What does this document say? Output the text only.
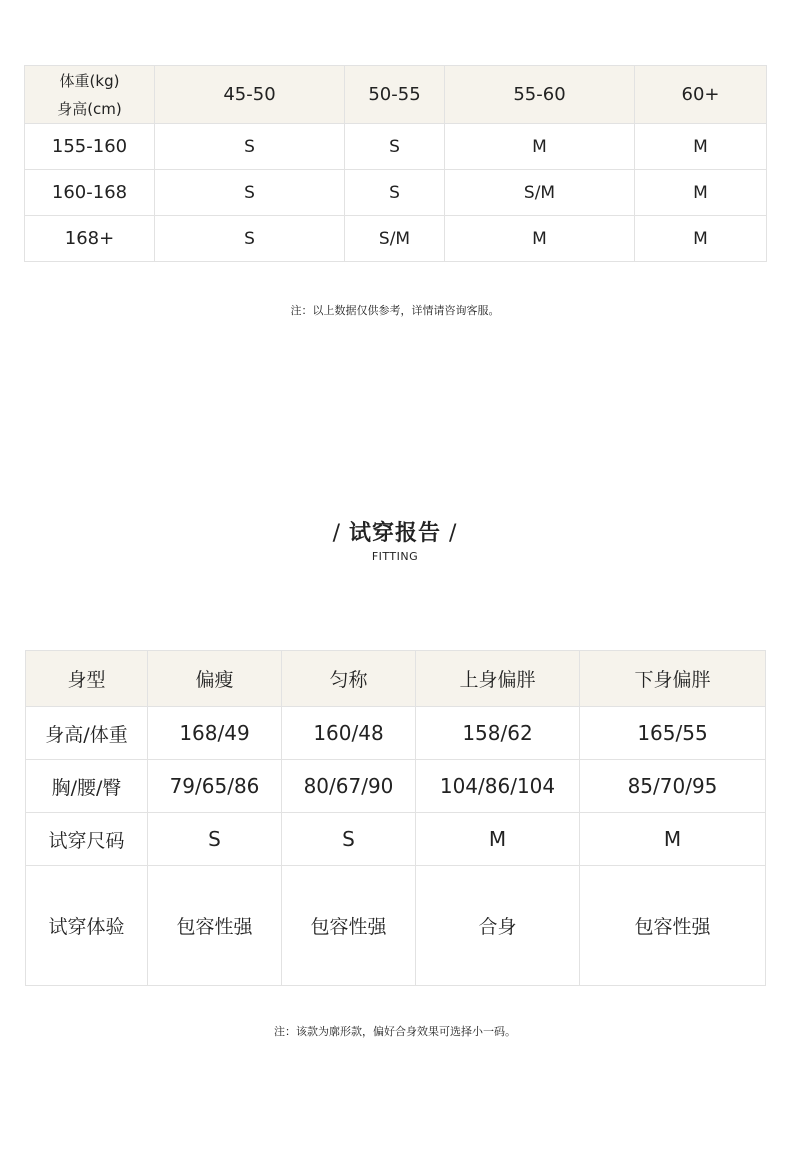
体重(kg)
身高(cm)	45-50	50-55	55-60	60+
155-160	S	S	M	M
160-168	S	S	S/M	M
168+	S	S/M	M	M
注：以上数据仅供参考，详情请咨询客服。
/ 试穿报告 /
FITTING
身型	偏瘦	匀称	上身偏胖	下身偏胖
身高/体重	168/49	160/48	158/62	165/55
胸/腰/臀	79/65/86	80/67/90	104/86/104	85/70/95
试穿尺码	S	S	M	M
试穿体验	包容性强	包容性强	合身	包容性强
注：该款为廓形款，偏好合身效果可选择小一码。
